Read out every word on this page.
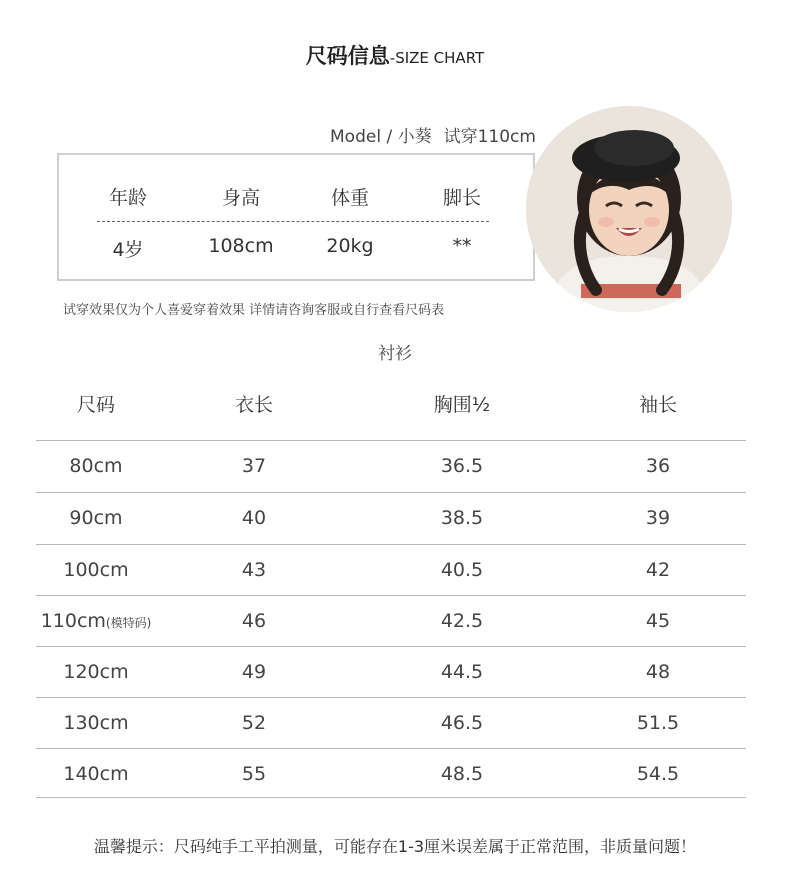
尺码信息-SIZE CHART
Model / 小葵 试穿110cm
年龄	身高	体重	脚长
4岁	108cm	20kg	**
试穿效果仅为个人喜爱穿着效果 详情请咨询客服或自行查看尺码表
衬衫
尺码	衣长	胸围½	袖长
80cm	37	36.5	36
90cm	40	38.5	39
100cm	43	40.5	42
110cm(模特码)	46	42.5	45
120cm	49	44.5	48
130cm	52	46.5	51.5
140cm	55	48.5	54.5
温馨提示：尺码纯手工平拍测量，可能存在1-3厘米误差属于正常范围，非质量问题！
